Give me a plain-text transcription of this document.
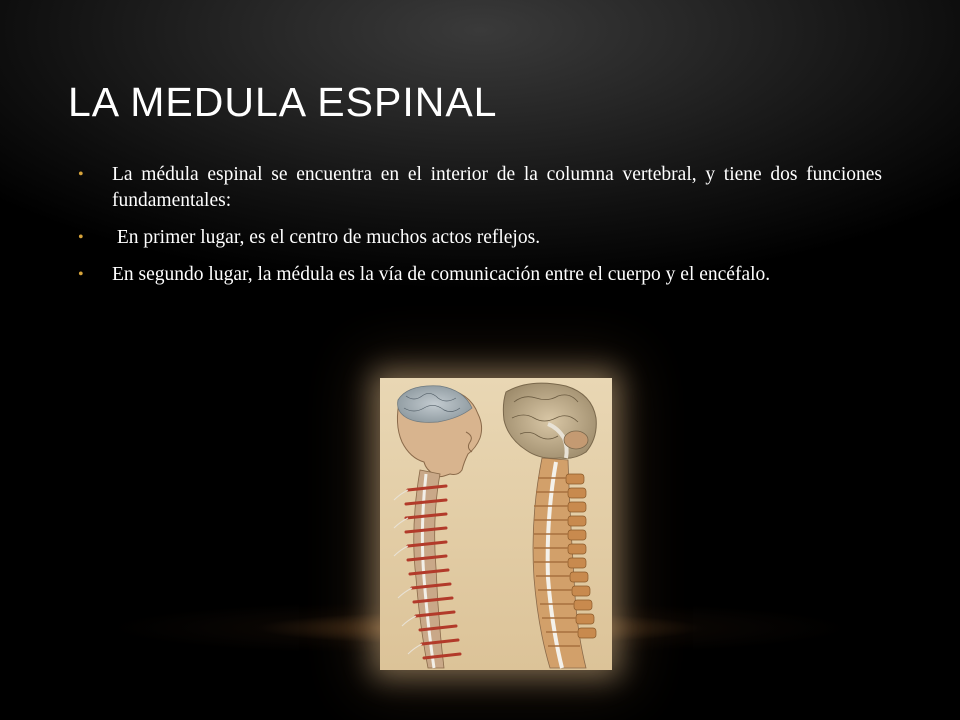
LA MEDULA ESPINAL
• La médula espinal se encuentra en el interior de la columna vertebral, y tiene dos funciones fundamentales:
• En primer lugar, es el centro de muchos actos reflejos.
• En segundo lugar, la médula es la vía de comunicación entre el cuerpo y el encéfalo.
